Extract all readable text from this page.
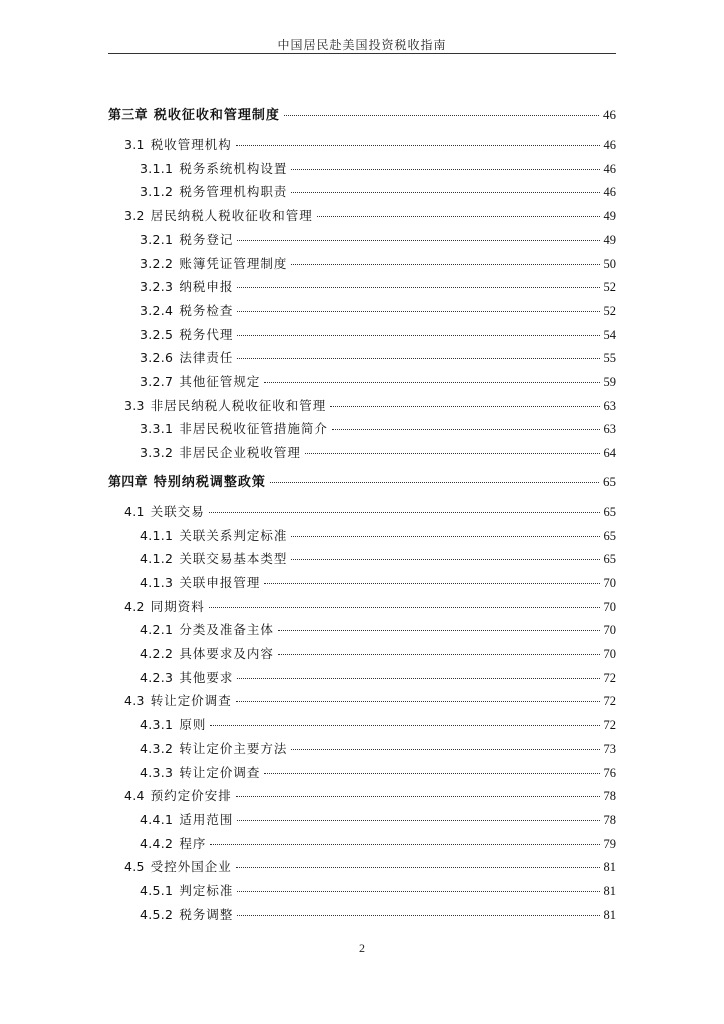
中国居民赴美国投资税收指南
第三章 税收征收和管理制度	46
3.1 税收管理机构	46
3.1.1 税务系统机构设置	46
3.1.2 税务管理机构职责	46
3.2 居民纳税人税收征收和管理	49
3.2.1 税务登记	49
3.2.2 账簿凭证管理制度	50
3.2.3 纳税申报	52
3.2.4 税务检查	52
3.2.5 税务代理	54
3.2.6 法律责任	55
3.2.7 其他征管规定	59
3.3 非居民纳税人税收征收和管理	63
3.3.1 非居民税收征管措施简介	63
3.3.2 非居民企业税收管理	64
第四章 特别纳税调整政策	65
4.1 关联交易	65
4.1.1 关联关系判定标准	65
4.1.2 关联交易基本类型	65
4.1.3 关联申报管理	70
4.2 同期资料	70
4.2.1 分类及准备主体	70
4.2.2 具体要求及内容	70
4.2.3 其他要求	72
4.3 转让定价调查	72
4.3.1 原则	72
4.3.2 转让定价主要方法	73
4.3.3 转让定价调查	76
4.4 预约定价安排	78
4.4.1 适用范围	78
4.4.2 程序	79
4.5 受控外国企业	81
4.5.1 判定标准	81
4.5.2 税务调整	81
2
